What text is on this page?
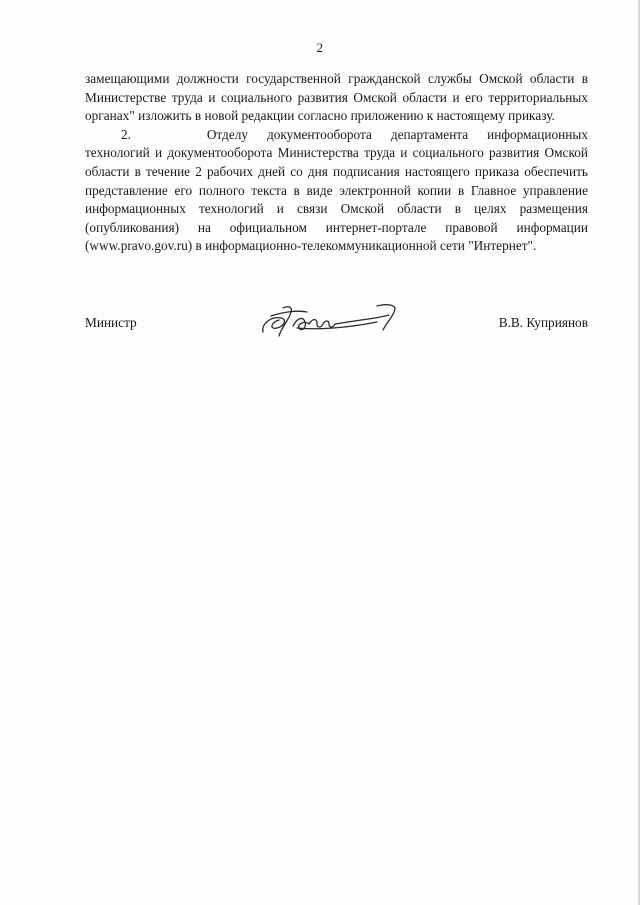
2

замещающими должности государственной гражданской службы Омской области в Министерстве труда и социального развития Омской области и его территориальных органах" изложить в новой редакции согласно приложению к настоящему приказу.

2.	Отделу документооборота департамента информационных
технологий и документооборота Министерства труда и социального развития Омской области в течение 2 рабочих дней со дня подписания настоящего приказа обеспечить представление его полного текста в виде электронной копии в Главное управление информационных технологий и связи Омской области в целях размещения (опубликования) на официальном интернет-портале правовой информации (www.pravo.gov.ru) в информационно-телекоммуникационной сети "Интернет".

Министр	В.В. Куприянов
